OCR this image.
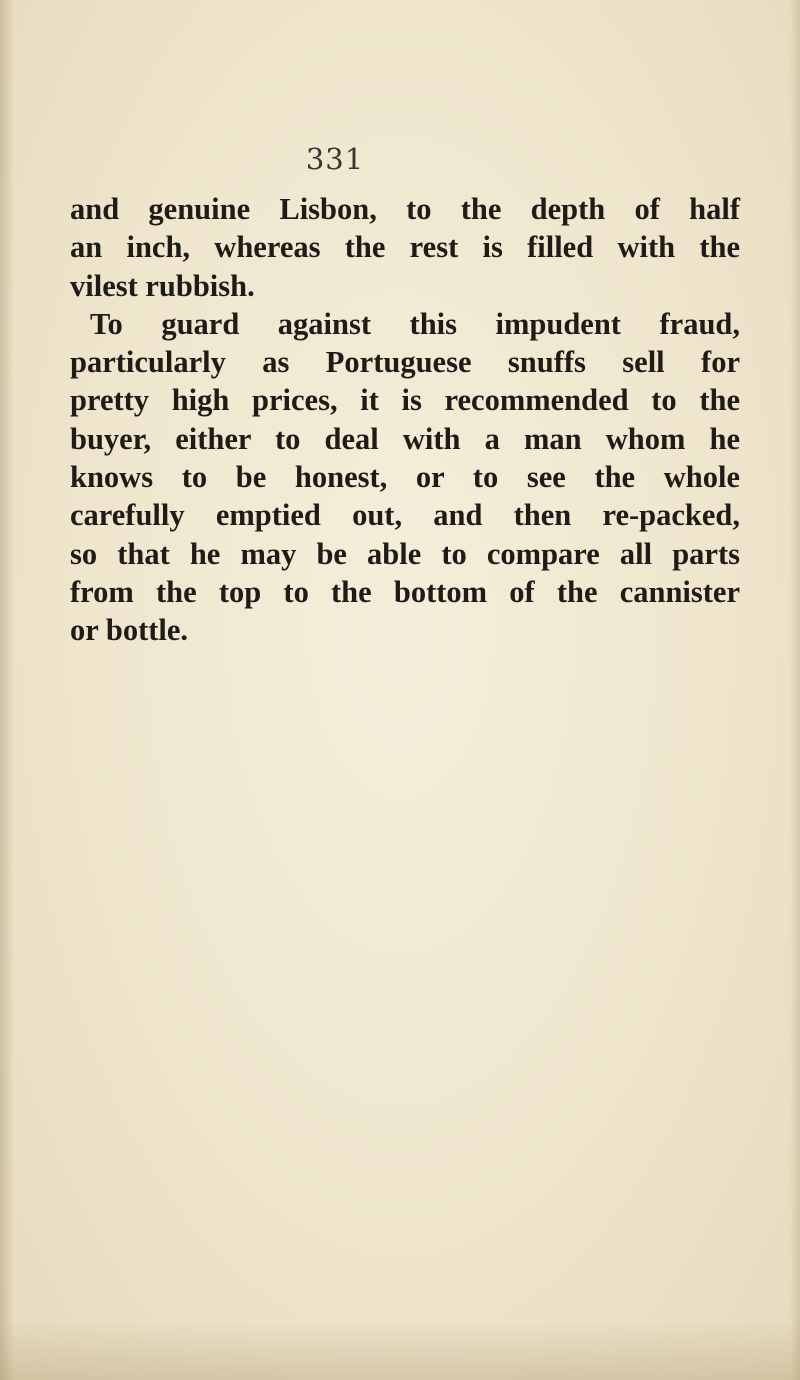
331
and genuine Lisbon, to the depth of half
an inch, whereas the rest is filled with the
vilest rubbish.
To guard against this impudent fraud,
particularly as Portuguese snuffs sell for
pretty high prices, it is recommended to the
buyer, either to deal with a man whom he
knows to be honest, or to see the whole
carefully emptied out, and then re-packed,
so that he may be able to compare all parts
from the top to the bottom of the cannister
or bottle.
